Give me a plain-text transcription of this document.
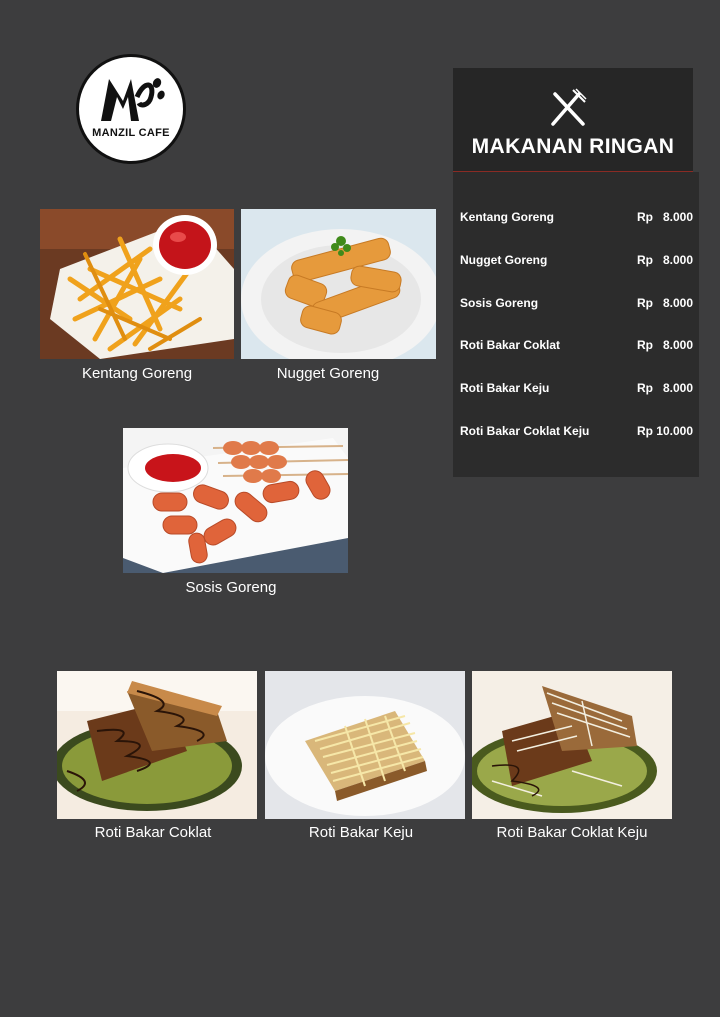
MANZIL CAFE
MAKANAN RINGAN
Kentang Goreng	Rp   8.000
Nugget Goreng	Rp   8.000
Sosis Goreng	Rp   8.000
Roti Bakar Coklat	Rp   8.000
Roti Bakar Keju	Rp   8.000
Roti Bakar Coklat Keju	Rp 10.000
Kentang Goreng	Nugget Goreng
Sosis Goreng
Roti Bakar Coklat	Roti Bakar Keju	Roti Bakar Coklat Keju
